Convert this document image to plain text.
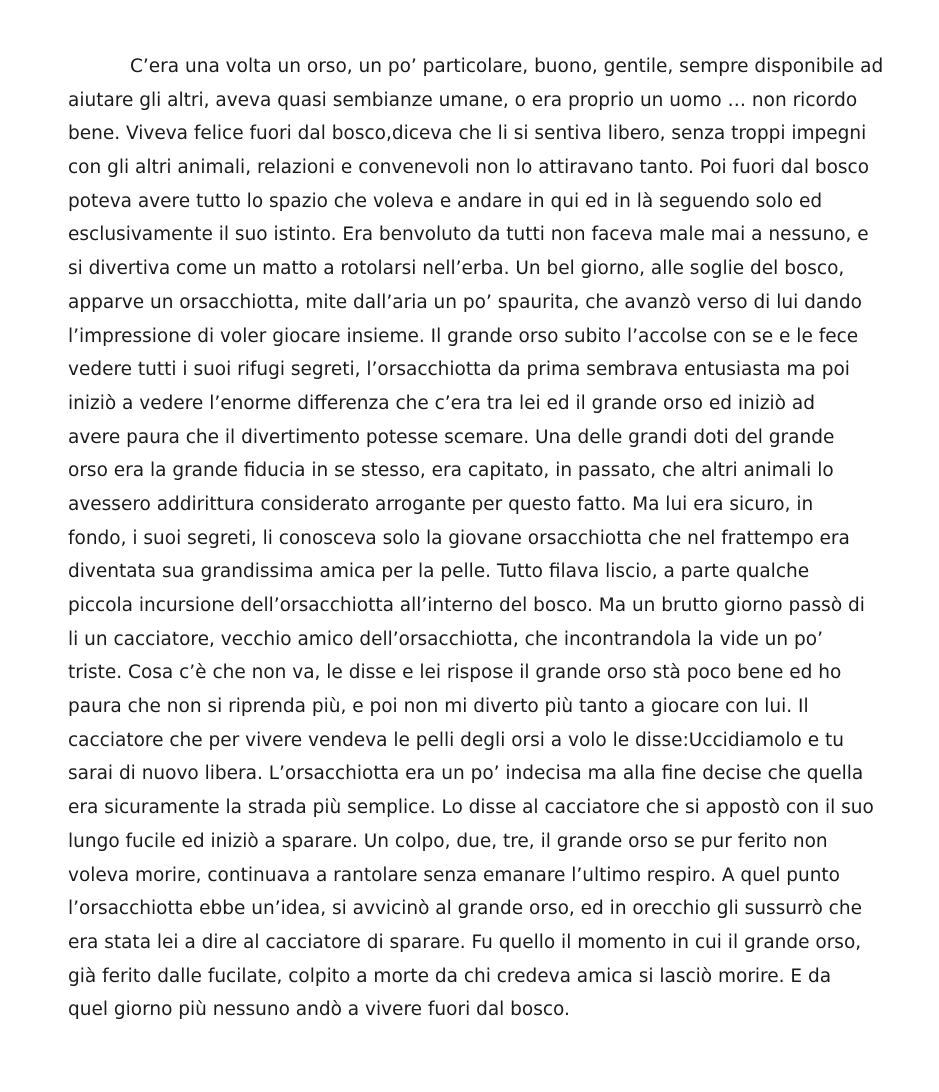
C’era una volta un orso, un po’ particolare, buono, gentile, sempre disponibile ad
aiutare gli altri, aveva quasi sembianze umane, o era proprio un uomo … non ricordo
bene. Viveva felice fuori dal bosco,diceva che li si sentiva libero, senza troppi impegni
con gli altri animali, relazioni e convenevoli non lo attiravano tanto. Poi fuori dal bosco
poteva avere tutto lo spazio che voleva e andare in qui ed in là seguendo solo ed
esclusivamente il suo istinto. Era benvoluto da tutti non faceva male mai a nessuno, e
si divertiva come un matto a rotolarsi nell’erba. Un bel giorno, alle soglie del bosco,
apparve un orsacchiotta, mite dall’aria un po’ spaurita, che avanzò verso di lui dando
l’impressione di voler giocare insieme. Il grande orso subito l’accolse con se e le fece
vedere tutti i suoi rifugi segreti, l’orsacchiotta da prima sembrava entusiasta ma poi
iniziò a vedere l’enorme differenza che c’era tra lei ed il grande orso ed iniziò ad
avere paura che il divertimento potesse scemare. Una delle grandi doti del grande
orso era la grande fiducia in se stesso, era capitato, in passato, che altri animali lo
avessero addirittura considerato arrogante per questo fatto. Ma lui era sicuro, in
fondo, i suoi segreti, li conosceva solo la giovane orsacchiotta che nel frattempo era
diventata sua grandissima amica per la pelle. Tutto filava liscio, a parte qualche
piccola incursione dell’orsacchiotta all’interno del bosco. Ma un brutto giorno passò di
li un cacciatore, vecchio amico dell’orsacchiotta, che incontrandola la vide un po’
triste. Cosa c’è che non va, le disse e lei rispose il grande orso stà poco bene ed ho
paura che non si riprenda più, e poi non mi diverto più tanto a giocare con lui. Il
cacciatore che per vivere vendeva le pelli degli orsi a volo le disse:Uccidiamolo e tu
sarai di nuovo libera. L’orsacchiotta era un po’ indecisa ma alla fine decise che quella
era sicuramente la strada più semplice. Lo disse al cacciatore che si appostò con il suo
lungo fucile ed iniziò a sparare. Un colpo, due, tre, il grande orso se pur ferito non
voleva morire, continuava a rantolare senza emanare l’ultimo respiro. A quel punto
l’orsacchiotta ebbe un’idea, si avvicinò al grande orso, ed in orecchio gli sussurrò che
era stata lei a dire al cacciatore di sparare. Fu quello il momento in cui il grande orso,
già ferito dalle fucilate, colpito a morte da chi credeva amica si lasciò morire. E da
quel giorno più nessuno andò a vivere fuori dal bosco.
